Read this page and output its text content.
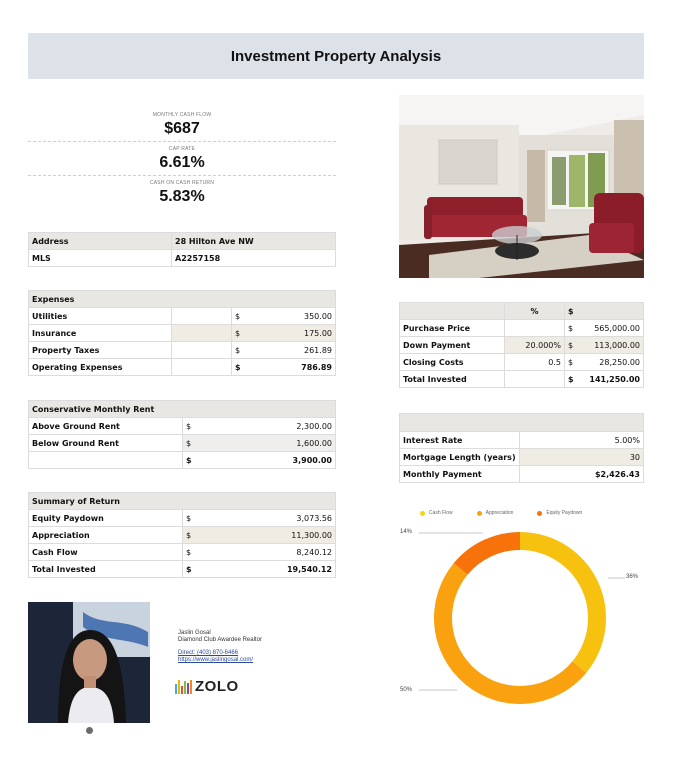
Investment Property Analysis
MONTHLY CASH FLOW
$687
CAP RATE
6.61%
CASH ON CASH RETURN
5.83%
Address	28 Hilton Ave NW
MLS	A2257158
Expenses			
Utilities		$	350.00
Insurance		$	175.00
Property Taxes		$	261.89
Operating Expenses		$	786.89
Conservative Monthly Rent		
Above Ground Rent	$	2,300.00
Below Ground Rent	$	1,600.00
	$	3,900.00
Summary of Return		
Equity Paydown	$	3,073.56
Appreciation	$	11,300.00
Cash Flow	$	8,240.12
Total Invested	$	19,540.12
	%	$	
Purchase Price		$	565,000.00
Down Payment	20.000%	$	113,000.00
Closing Costs	0.5	$	28,250.00
Total Invested		$	141,250.00

Interest Rate	5.00%
Mortgage Length (years)	30
Monthly Payment	$2,426.43
Cash Flow	Appreciation	Equity Paydown
14%
36%
50%
Jaslin Gosal
Diamond Club Awardee Realtor
Direct: (403) 870-6466
https://www.jaslingosal.com/
ZOLO
